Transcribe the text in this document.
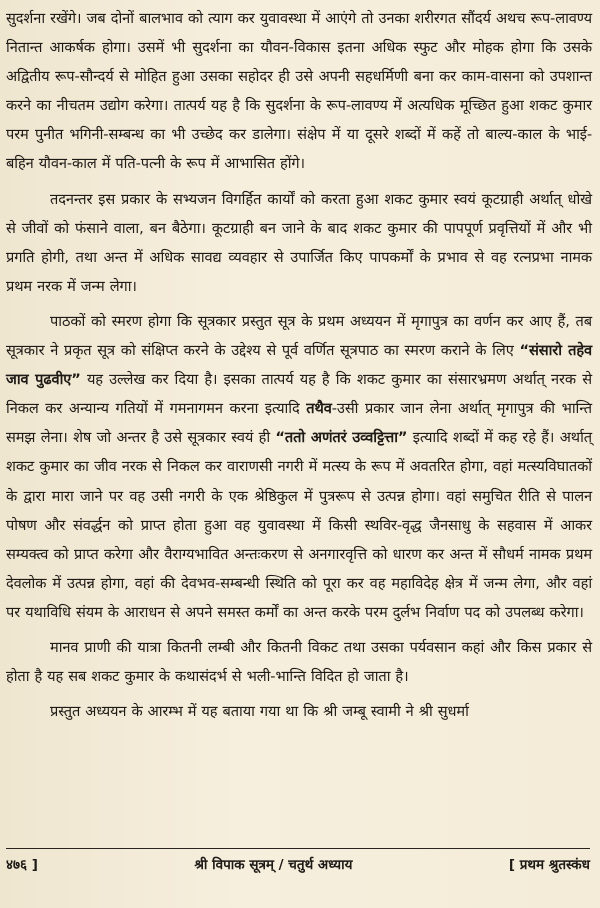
सुदर्शना रखेंगे। जब दोनों बालभाव को त्याग कर युवावस्था में आएंगे तो उनका शरीरगत सौंदर्य अथच रूप-लावण्य नितान्त आकर्षक होगा। उसमें भी सुदर्शना का यौवन-विकास इतना अधिक स्फुट और मोहक होगा कि उसके अद्वितीय रूप-सौन्दर्य से मोहित हुआ उसका सहोदर ही उसे अपनी सहधर्मिणी बना कर काम-वासना को उपशान्त करने का नीचतम उद्योग करेगा। तात्पर्य यह है कि सुदर्शना के रूप-लावण्य में अत्यधिक मूच्छित हुआ शकट कुमार परम पुनीत भगिनी-सम्बन्ध का भी उच्छेद कर डालेगा। संक्षेप में या दूसरे शब्दों में कहें तो बाल्य-काल के भाई-बहिन यौवन-काल में पति-पत्नी के रूप में आभासित होंगे।

तदनन्तर इस प्रकार के सभ्यजन विगर्हित कार्यों को करता हुआ शकट कुमार स्वयं कूटग्राही अर्थात् धोखे से जीवों को फंसाने वाला, बन बैठेगा। कूटग्राही बन जाने के बाद शकट कुमार की पापपूर्ण प्रवृत्तियों में और भी प्रगति होगी, तथा अन्त में अधिक सावद्य व्यवहार से उपार्जित किए पापकर्मों के प्रभाव से वह रत्नप्रभा नामक प्रथम नरक में जन्म लेगा।

पाठकों को स्मरण होगा कि सूत्रकार प्रस्तुत सूत्र के प्रथम अध्ययन में मृगापुत्र का वर्णन कर आए हैं, तब सूत्रकार ने प्रकृत सूत्र को संक्षिप्त करने के उद्देश्य से पूर्व वर्णित सूत्रपाठ का स्मरण कराने के लिए “संसारो तहेव जाव पुढवीए” यह उल्लेख कर दिया है। इसका तात्पर्य यह है कि शकट कुमार का संसारभ्रमण अर्थात् नरक से निकल कर अन्यान्य गतियों में गमनागमन करना इत्यादि तथैव-उसी प्रकार जान लेना अर्थात् मृगापुत्र की भान्ति समझ लेना। शेष जो अन्तर है उसे सूत्रकार स्वयं ही “ततो अणंतरं उव्वट्टित्ता” इत्यादि शब्दों में कह रहे हैं। अर्थात् शकट कुमार का जीव नरक से निकल कर वाराणसी नगरी में मत्स्य के रूप में अवतरित होगा, वहां मत्स्यविघातकों के द्वारा मारा जाने पर वह उसी नगरी के एक श्रेष्ठिकुल में पुत्ररूप से उत्पन्न होगा। वहां समुचित रीति से पालन पोषण और संवर्द्धन को प्राप्त होता हुआ वह युवावस्था में किसी स्थविर-वृद्ध जैनसाधु के सहवास में आकर सम्यक्त्व को प्राप्त करेगा और वैराग्यभावित अन्तःकरण से अनगारवृत्ति को धारण कर अन्त में सौधर्म नामक प्रथम देवलोक में उत्पन्न होगा, वहां की देवभव-सम्बन्धी स्थिति को पूरा कर वह महाविदेह क्षेत्र में जन्म लेगा, और वहां पर यथाविधि संयम के आराधन से अपने समस्त कर्मों का अन्त करके परम दुर्लभ निर्वाण पद को उपलब्ध करेगा।

मानव प्राणी की यात्रा कितनी लम्बी और कितनी विकट तथा उसका पर्यवसान कहां और किस प्रकार से होता है यह सब शकट कुमार के कथासंदर्भ से भली-भान्ति विदित हो जाता है।

प्रस्तुत अध्ययन के आरम्भ में यह बताया गया था कि श्री जम्बू स्वामी ने श्री सुधर्मा

४७६ ]	श्री विपाक सूत्रम् / चतुर्थ अध्याय	[ प्रथम श्रुतस्कंध
